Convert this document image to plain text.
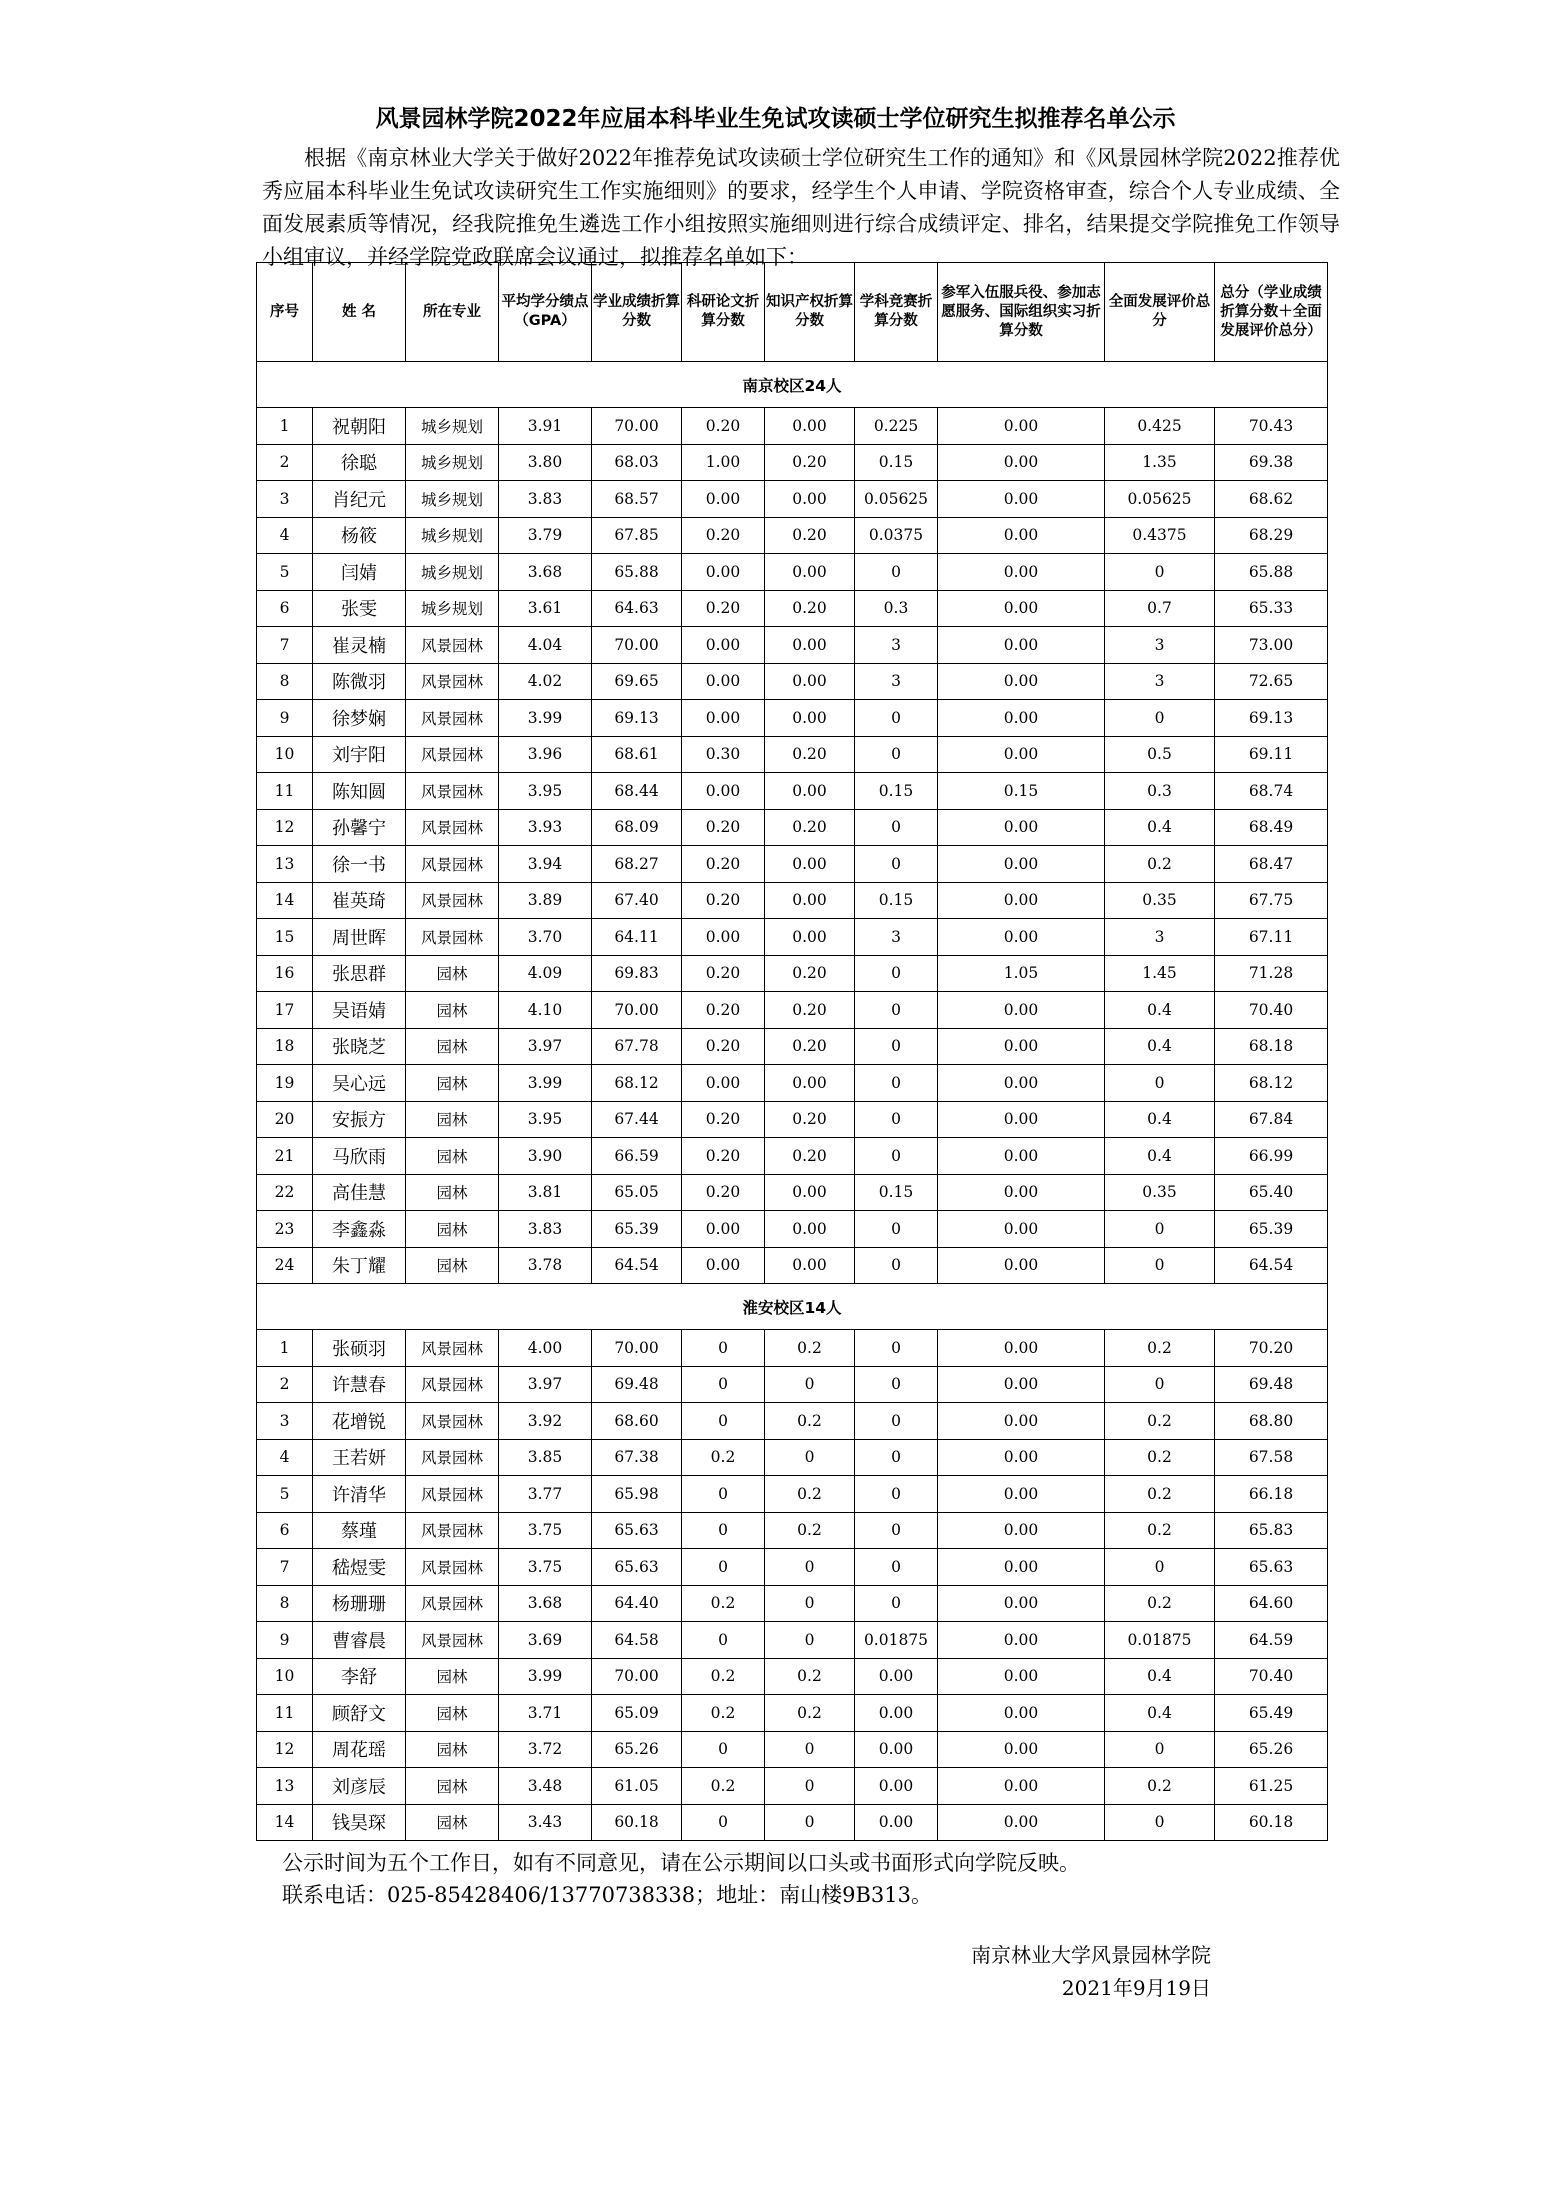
风景园林学院2022年应届本科毕业生免试攻读硕士学位研究生拟推荐名单公示

根据《南京林业大学关于做好2022年推荐免试攻读硕士学位研究生工作的通知》和《风景园林学院2022推荐优秀应届本科毕业生免试攻读研究生工作实施细则》的要求，经学生个人申请、学院资格审查，综合个人专业成绩、全面发展素质等情况，经我院推免生遴选工作小组按照实施细则进行综合成绩评定、排名，结果提交学院推免工作领导小组审议，并经学院党政联席会议通过，拟推荐名单如下：

序号	姓 名	所在专业	平均学分绩点（GPA）	学业成绩折算分数	科研论文折算分数	知识产权折算分数	学科竞赛折算分数	参军入伍服兵役、参加志愿服务、国际组织实习折算分数	全面发展评价总分	总分（学业成绩折算分数＋全面发展评价总分）
南京校区24人										
1	祝朝阳	城乡规划	3.91	70.00	0.20	0.00	0.225	0.00	0.425	70.43
2	徐聪	城乡规划	3.80	68.03	1.00	0.20	0.15	0.00	1.35	69.38
3	肖纪元	城乡规划	3.83	68.57	0.00	0.00	0.05625	0.00	0.05625	68.62
4	杨筱	城乡规划	3.79	67.85	0.20	0.20	0.0375	0.00	0.4375	68.29
5	闫婧	城乡规划	3.68	65.88	0.00	0.00	0	0.00	0	65.88
6	张雯	城乡规划	3.61	64.63	0.20	0.20	0.3	0.00	0.7	65.33
7	崔灵楠	风景园林	4.04	70.00	0.00	0.00	3	0.00	3	73.00
8	陈微羽	风景园林	4.02	69.65	0.00	0.00	3	0.00	3	72.65
9	徐梦娴	风景园林	3.99	69.13	0.00	0.00	0	0.00	0	69.13
10	刘宇阳	风景园林	3.96	68.61	0.30	0.20	0	0.00	0.5	69.11
11	陈知圆	风景园林	3.95	68.44	0.00	0.00	0.15	0.15	0.3	68.74
12	孙馨宁	风景园林	3.93	68.09	0.20	0.20	0	0.00	0.4	68.49
13	徐一书	风景园林	3.94	68.27	0.20	0.00	0	0.00	0.2	68.47
14	崔英琦	风景园林	3.89	67.40	0.20	0.00	0.15	0.00	0.35	67.75
15	周世晖	风景园林	3.70	64.11	0.00	0.00	3	0.00	3	67.11
16	张思群	园林	4.09	69.83	0.20	0.20	0	1.05	1.45	71.28
17	吴语婧	园林	4.10	70.00	0.20	0.20	0	0.00	0.4	70.40
18	张晓芝	园林	3.97	67.78	0.20	0.20	0	0.00	0.4	68.18
19	吴心远	园林	3.99	68.12	0.00	0.00	0	0.00	0	68.12
20	安振方	园林	3.95	67.44	0.20	0.20	0	0.00	0.4	67.84
21	马欣雨	园林	3.90	66.59	0.20	0.20	0	0.00	0.4	66.99
22	高佳慧	园林	3.81	65.05	0.20	0.00	0.15	0.00	0.35	65.40
23	李鑫淼	园林	3.83	65.39	0.00	0.00	0	0.00	0	65.39
24	朱丁耀	园林	3.78	64.54	0.00	0.00	0	0.00	0	64.54
淮安校区14人										
1	张硕羽	风景园林	4.00	70.00	0	0.2	0	0.00	0.2	70.20
2	许慧春	风景园林	3.97	69.48	0	0	0	0.00	0	69.48
3	花增锐	风景园林	3.92	68.60	0	0.2	0	0.00	0.2	68.80
4	王若妍	风景园林	3.85	67.38	0.2	0	0	0.00	0.2	67.58
5	许清华	风景园林	3.77	65.98	0	0.2	0	0.00	0.2	66.18
6	蔡瑾	风景园林	3.75	65.63	0	0.2	0	0.00	0.2	65.83
7	嵇煜雯	风景园林	3.75	65.63	0	0	0	0.00	0	65.63
8	杨珊珊	风景园林	3.68	64.40	0.2	0	0	0.00	0.2	64.60
9	曹睿晨	风景园林	3.69	64.58	0	0	0.01875	0.00	0.01875	64.59
10	李舒	园林	3.99	70.00	0.2	0.2	0.00	0.00	0.4	70.40
11	顾舒文	园林	3.71	65.09	0.2	0.2	0.00	0.00	0.4	65.49
12	周花瑶	园林	3.72	65.26	0	0	0.00	0.00	0	65.26
13	刘彦辰	园林	3.48	61.05	0.2	0	0.00	0.00	0.2	61.25
14	钱昊琛	园林	3.43	60.18	0	0	0.00	0.00	0	60.18
公示时间为五个工作日，如有不同意见，请在公示期间以口头或书面形式向学院反映。
联系电话：025-85428406/13770738338；地址：南山楼9B313。
南京林业大学风景园林学院
2021年9月19日
